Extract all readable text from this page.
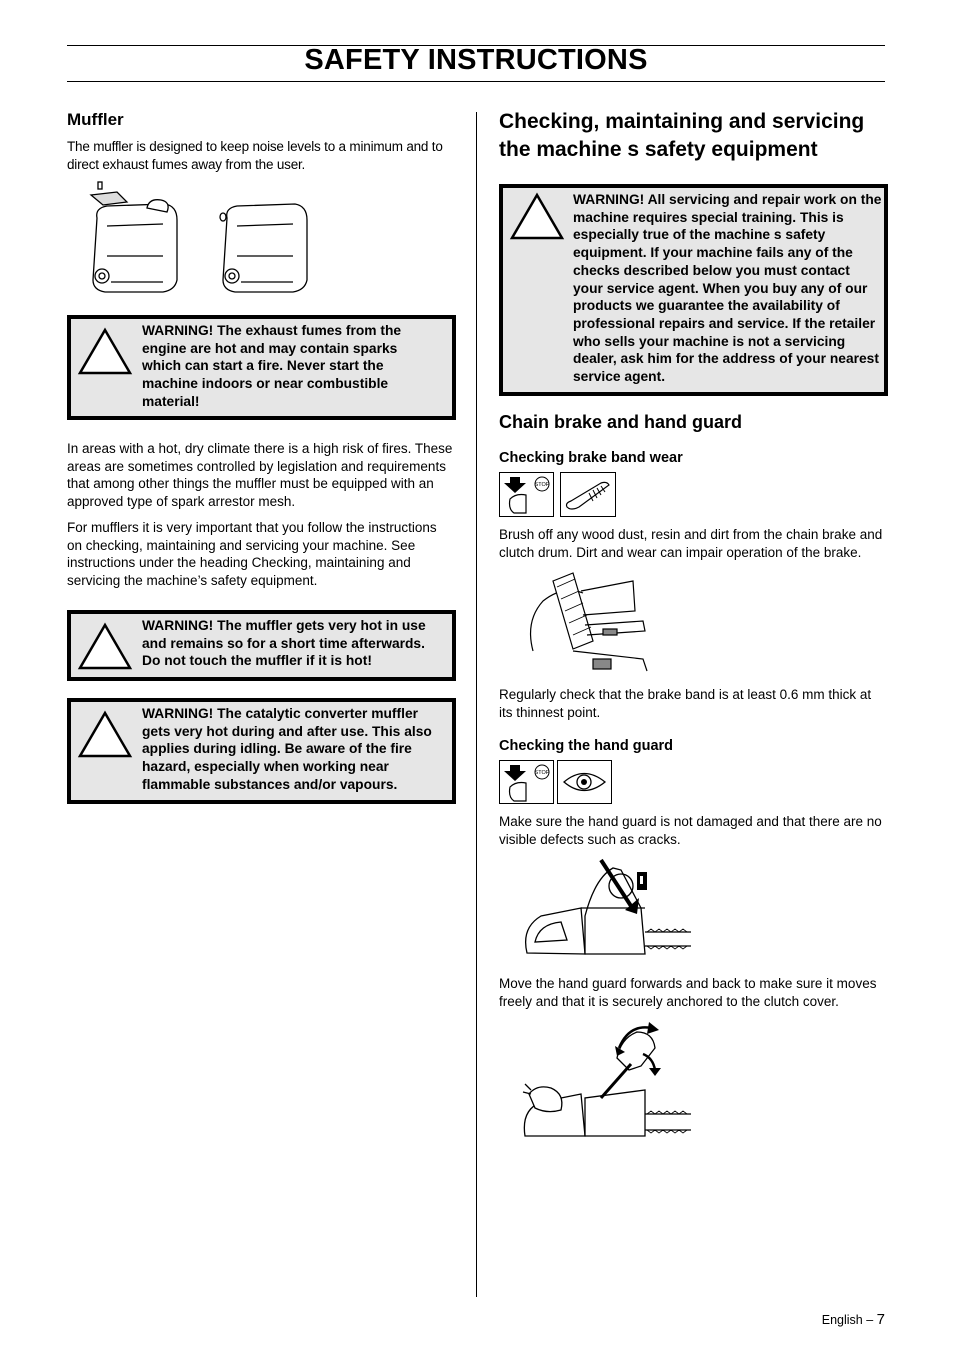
SAFETY INSTRUCTIONS
Muffler

The muffler is designed to keep noise levels to a minimum and to direct exhaust fumes away from the user.

WARNING! The exhaust fumes from the engine are hot and may contain sparks which can start a fire. Never start the machine indoors or near combustible material!

In areas with a hot, dry climate there is a high risk of fires. These areas are sometimes controlled by legislation and requirements that among other things the muffler must be equipped with an approved type of spark arrestor mesh.

For mufflers it is very important that you follow the instructions on checking, maintaining and servicing your machine. See instructions under the heading Checking, maintaining and servicing the machine’s safety equipment.

WARNING! The muffler gets very hot in use and remains so for a short time afterwards. Do not touch the muffler if it is hot!
WARNING! The catalytic converter muffler gets very hot during and after use. This also applies during idling. Be aware of the fire hazard, especially when working near flammable substances and/or vapours.
Checking, maintaining and servicing the machine s safety equipment
WARNING! All servicing and repair work on the machine requires special training. This is especially true of the machine s safety equipment. If your machine fails any of the checks described below you must contact your service agent. When you buy any of our products we guarantee the availability of professional repairs and service. If the retailer who sells your machine is not a servicing dealer, ask him for the address of your nearest service agent.
Chain brake and hand guard
Checking brake band wear
STOP

Brush off any wood dust, resin and dirt from the chain brake and clutch drum. Dirt and wear can impair operation of the brake.

Regularly check that the brake band is at least 0.6 mm thick at its thinnest point.

Checking the hand guard
STOP

Make sure the hand guard is not damaged and that there are no visible defects such as cracks.

Move the hand guard forwards and back to make sure it moves freely and that it is securely anchored to the clutch cover.

English – 7
